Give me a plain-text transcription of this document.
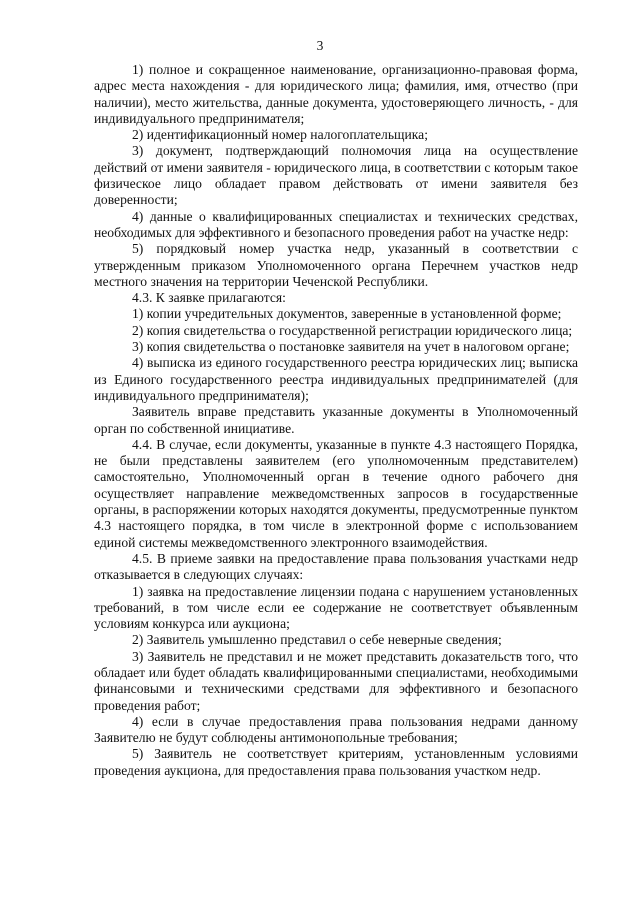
3

1) полное и сокращенное наименование, организационно-правовая форма, адрес места нахождения - для юридического лица; фамилия, имя, отчество (при наличии), место жительства, данные документа, удостоверяющего личность, - для индивидуального предпринимателя;

2) идентификационный номер налогоплательщика;

3) документ, подтверждающий полномочия лица на осуществление действий от имени заявителя - юридического лица, в соответствии с которым такое физическое лицо обладает правом действовать от имени заявителя без доверенности;

4) данные о квалифицированных специалистах и технических средствах, необходимых для эффективного и безопасного проведения работ на участке недр:

5) порядковый номер участка недр, указанный в соответствии с утвержденным приказом Уполномоченного органа Перечнем участков недр местного значения на территории Чеченской Республики.

4.3. К заявке прилагаются:

1) копии учредительных документов, заверенные в установленной форме;

2) копия свидетельства о государственной регистрации юридического лица;

3) копия свидетельства о постановке заявителя на учет в налоговом органе;

4) выписка из единого государственного реестра юридических лиц; выписка из Единого государственного реестра индивидуальных предпринимателей (для индивидуального предпринимателя);

Заявитель вправе представить указанные документы в Уполномоченный орган по собственной инициативе.

4.4. В случае, если документы, указанные в пункте 4.3 настоящего Порядка, не были представлены заявителем (его уполномоченным представителем) самостоятельно, Уполномоченный орган в течение одного рабочего дня осуществляет направление межведомственных запросов в государственные органы, в распоряжении которых находятся документы, предусмотренные пунктом 4.3 настоящего порядка, в том числе в электронной форме с использованием единой системы межведомственного электронного взаимодействия.

4.5. В приеме заявки на предоставление права пользования участками недр отказывается в следующих случаях:

1) заявка на предоставление лицензии подана с нарушением установленных требований, в том числе если ее содержание не соответствует объявленным условиям конкурса или аукциона;

2) Заявитель умышленно представил о себе неверные сведения;

3) Заявитель не представил и не может представить доказательств того, что обладает или будет обладать квалифицированными специалистами, необходимыми финансовыми и техническими средствами для эффективного и безопасного проведения работ;

4) если в случае предоставления права пользования недрами данному Заявителю не будут соблюдены антимонопольные требования;

5) Заявитель не соответствует критериям, установленным условиями проведения аукциона, для предоставления права пользования участком недр.
